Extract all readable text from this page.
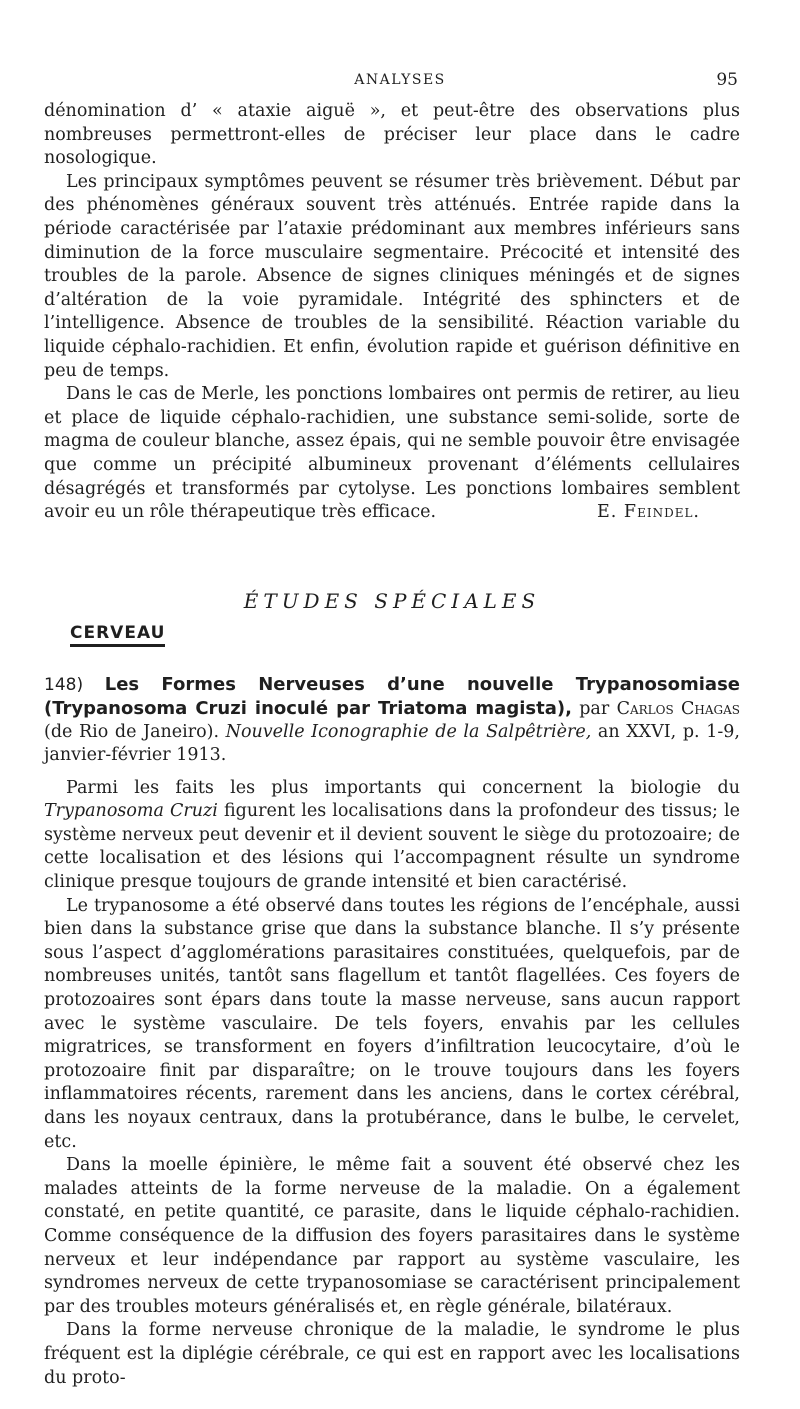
ANALYSES	95

dénomination d’ « ataxie aiguë », et peut-être des observations plus nombreuses permettront-elles de préciser leur place dans le cadre nosologique.

Les principaux symptômes peuvent se résumer très brièvement. Début par des phénomènes généraux souvent très atténués. Entrée rapide dans la période caractérisée par l’ataxie prédominant aux membres inférieurs sans diminution de la force musculaire segmentaire. Précocité et intensité des troubles de la parole. Absence de signes cliniques méningés et de signes d’altération de la voie pyramidale. Intégrité des sphincters et de l’intelligence. Absence de troubles de la sensibilité. Réaction variable du liquide céphalo-rachidien. Et enfin, évolution rapide et guérison définitive en peu de temps.

Dans le cas de Merle, les ponctions lombaires ont permis de retirer, au lieu et place de liquide céphalo-rachidien, une substance semi-solide, sorte de magma de couleur blanche, assez épais, qui ne semble pouvoir être envisagée que comme un précipité albumineux provenant d’éléments cellulaires désagrégés et transformés par cytolyse. Les ponctions lombaires semblent avoir eu un rôle thérapeutique très efficace.	E. Feindel.

ÉTUDES SPÉCIALES
CERVEAU

148) Les Formes Nerveuses d’une nouvelle Trypanosomiase (Trypanosoma Cruzi inoculé par Triatoma magista), par Carlos Chagas (de Rio de Janeiro). Nouvelle Iconographie de la Salpêtrière, an XXVI, p. 1-9, janvier-février 1913.

Parmi les faits les plus importants qui concernent la biologie du Trypanosoma Cruzi figurent les localisations dans la profondeur des tissus; le système nerveux peut devenir et il devient souvent le siège du protozoaire; de cette localisation et des lésions qui l’accompagnent résulte un syndrome clinique presque toujours de grande intensité et bien caractérisé.

Le trypanosome a été observé dans toutes les régions de l’encéphale, aussi bien dans la substance grise que dans la substance blanche. Il s’y présente sous l’aspect d’agglomérations parasitaires constituées, quelquefois, par de nombreuses unités, tantôt sans flagellum et tantôt flagellées. Ces foyers de protozoaires sont épars dans toute la masse nerveuse, sans aucun rapport avec le système vasculaire. De tels foyers, envahis par les cellules migratrices, se transforment en foyers d’infiltration leucocytaire, d’où le protozoaire finit par disparaître; on le trouve toujours dans les foyers inflammatoires récents, rarement dans les anciens, dans le cortex cérébral, dans les noyaux centraux, dans la protubérance, dans le bulbe, le cervelet, etc.

Dans la moelle épinière, le même fait a souvent été observé chez les malades atteints de la forme nerveuse de la maladie. On a également constaté, en petite quantité, ce parasite, dans le liquide céphalo-rachidien. Comme conséquence de la diffusion des foyers parasitaires dans le système nerveux et leur indépendance par rapport au système vasculaire, les syndromes nerveux de cette trypanosomiase se caractérisent principalement par des troubles moteurs généralisés et, en règle générale, bilatéraux.

Dans la forme nerveuse chronique de la maladie, le syndrome le plus fréquent est la diplégie cérébrale, ce qui est en rapport avec les localisations du proto-
